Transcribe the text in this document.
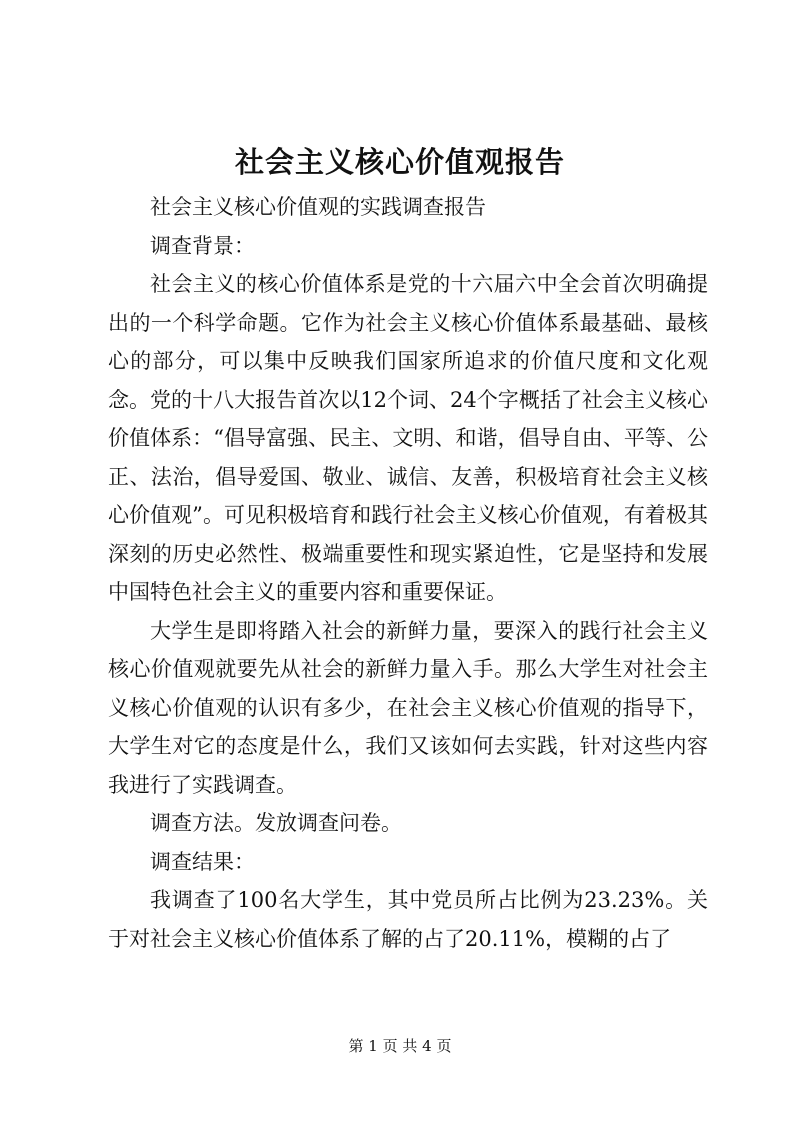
社会主义核心价值观报告

社会主义核心价值观的实践调查报告

调查背景：

社会主义的核心价值体系是党的十六届六中全会首次明确提出的一个科学命题。它作为社会主义核心价值体系最基础、最核心的部分，可以集中反映我们国家所追求的价值尺度和文化观念。党的十八大报告首次以12个词、24个字概括了社会主义核心价值体系：“倡导富强、民主、文明、和谐，倡导自由、平等、公正、法治，倡导爱国、敬业、诚信、友善，积极培育社会主义核心价值观”。可见积极培育和践行社会主义核心价值观，有着极其深刻的历史必然性、极端重要性和现实紧迫性，它是坚持和发展中国特色社会主义的重要内容和重要保证。

大学生是即将踏入社会的新鲜力量，要深入的践行社会主义核心价值观就要先从社会的新鲜力量入手。那么大学生对社会主义核心价值观的认识有多少，在社会主义核心价值观的指导下，大学生对它的态度是什么，我们又该如何去实践，针对这些内容我进行了实践调查。

调查方法。发放调查问卷。

调查结果：

我调查了100名大学生，其中党员所占比例为23.23%。关于对社会主义核心价值体系了解的占了20.11%，模糊的占了

第 1 页 共 4 页
